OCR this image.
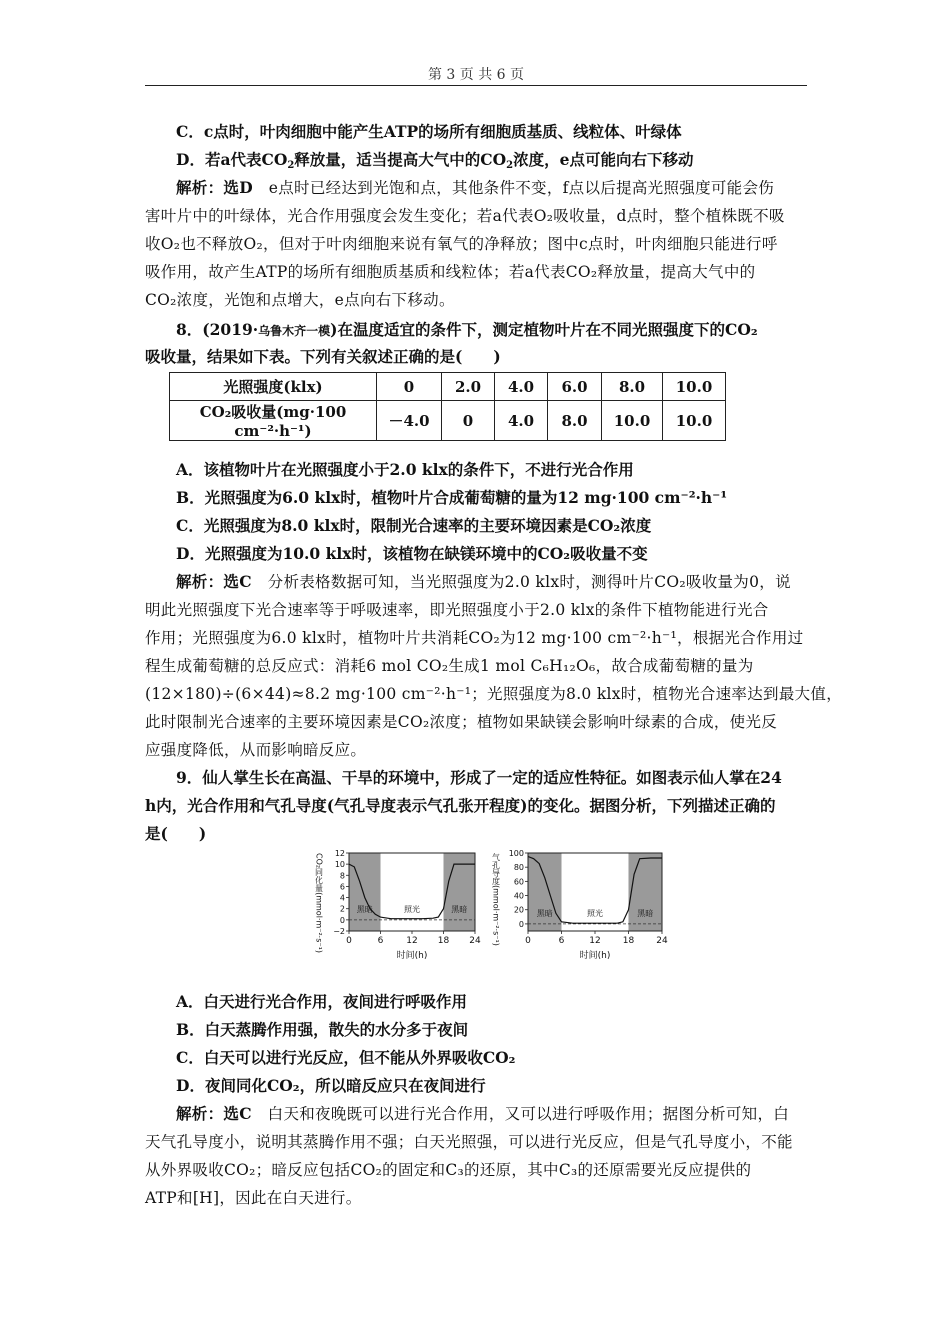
第 3 页 共 6 页
C．c点时，叶肉细胞中能产生ATP的场所有细胞质基质、线粒体、叶绿体
D．若a代表$CO_2$释放量，适当提高大气中的$CO_2$浓度，e点可能向右下移动
解析：选D　 e点时已经达到光饱和点，其他条件不变，f点以后提高光照强度可能会伤
害叶片中的叶绿体，光合作用强度会发生变化；若a代表O₂吸收量，d点时，整个植株既不吸
收O₂也不释放O₂，但对于叶肉细胞来说有氧气的净释放；图中c点时，叶肉细胞只能进行呼
吸作用，故产生ATP的场所有细胞质基质和线粒体；若a代表CO₂释放量，提高大气中的
CO₂浓度，光饱和点增大，e点向右下移动。
8．(2019·乌鲁木齐一模)在温度适宜的条件下，测定植物叶片在不同光照强度下的CO₂
吸收量，结果如下表。下列有关叙述正确的是(　　)
光照强度(klx)	0	2.0	4.0	6.0	8.0	10.0
CO₂吸收量(mg·100 cm⁻²·h⁻¹)	－4.0	0	4.0	8.0	10.0	10.0
A．该植物叶片在光照强度小于2.0 klx的条件下，不进行光合作用
B．光照强度为6.0 klx时，植物叶片合成葡萄糖的量为12 mg·100 cm⁻²·h⁻¹
C．光照强度为8.0 klx时，限制光合速率的主要环境因素是CO₂浓度
D．光照强度为10.0 klx时，该植物在缺镁环境中的CO₂吸收量不变
解析：选C　 分析表格数据可知，当光照强度为2.0 klx时，测得叶片CO₂吸收量为0，说
明此光照强度下光合速率等于呼吸速率，即光照强度小于2.0 klx的条件下植物能进行光合
作用；光照强度为6.0 klx时，植物叶片共消耗CO₂为12 mg·100 cm⁻²·h⁻¹，根据光合作用过
程生成葡萄糖的总反应式：消耗6 mol CO₂生成1 mol C₆H₁₂O₆，故合成葡萄糖的量为
(12×180)÷(6×44)≈8.2 mg·100 cm⁻²·h⁻¹；光照强度为8.0 klx时，植物光合速率达到最大值，
此时限制光合速率的主要环境因素是CO₂浓度；植物如果缺镁会影响叶绿素的合成，使光反
应强度降低，从而影响暗反应。
9．仙人掌生长在高温、干旱的环境中，形成了一定的适应性特征。如图表示仙人掌在24
h内，光合作用和气孔导度(气孔导度表示气孔张开程度)的变化。据图分析，下列描述正确的
是(　　)
黑暗	照光	黑暗
0	6	12 18 24
12
10
8
6
4
2
0
−2
时间(h)
CO₂同化量(mmol·m⁻²·s⁻¹)	黑暗	照光	黑暗
0	6	12 18 24
100
80
60
40
20
0
时间(h)
气孔导度(mmol·m⁻²·s⁻¹)
A．白天进行光合作用，夜间进行呼吸作用
B．白天蒸腾作用强，散失的水分多于夜间
C．白天可以进行光反应，但不能从外界吸收CO₂
D．夜间同化CO₂，所以暗反应只在夜间进行
解析：选C　 白天和夜晚既可以进行光合作用，又可以进行呼吸作用；据图分析可知，白
天气孔导度小，说明其蒸腾作用不强；白天光照强，可以进行光反应，但是气孔导度小，不能
从外界吸收CO₂；暗反应包括CO₂的固定和C₃的还原，其中C₃的还原需要光反应提供的
ATP和[H]，因此在白天进行。
